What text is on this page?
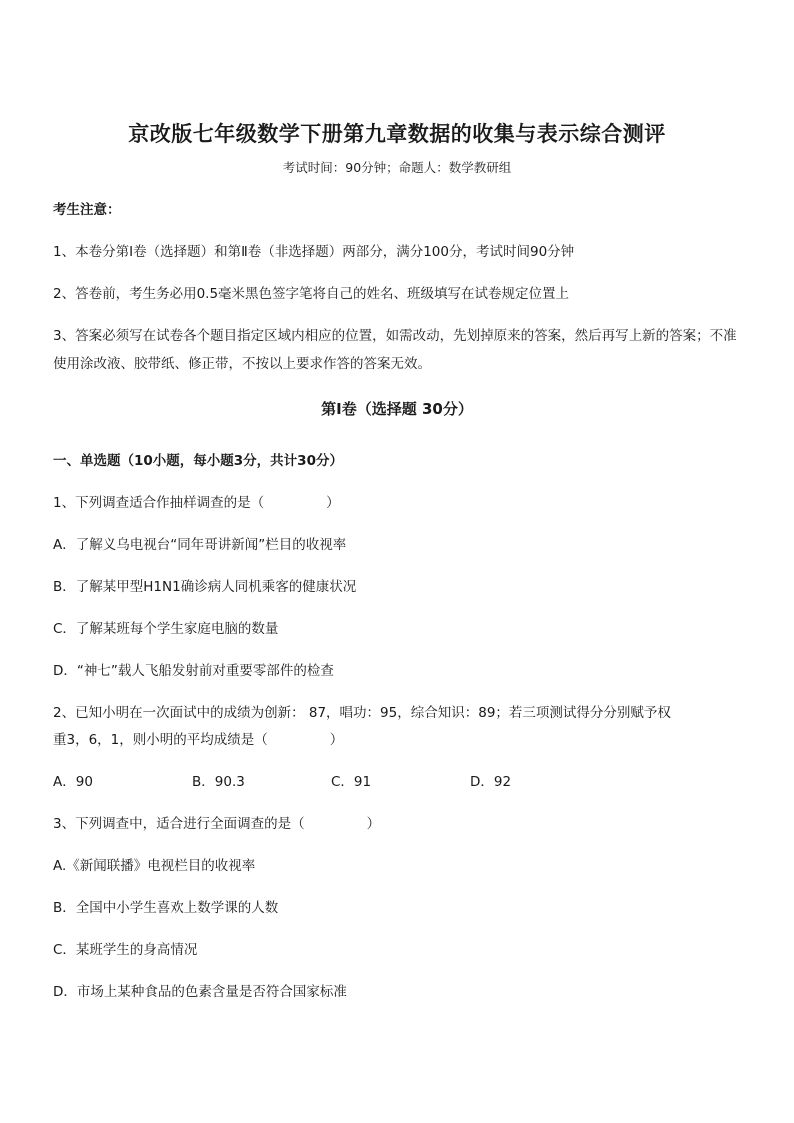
京改版七年级数学下册第九章数据的收集与表示综合测评
考试时间：90分钟；命题人：数学教研组
考生注意：
1、本卷分第Ⅰ卷（选择题）和第Ⅱ卷（非选择题）两部分，满分100分，考试时间90分钟
2、答卷前，考生务必用0.5毫米黑色签字笔将自己的姓名、班级填写在试卷规定位置上
3、答案必须写在试卷各个题目指定区域内相应的位置，如需改动，先划掉原来的答案，然后再写上新的答案；不准使用涂改液、胶带纸、修正带，不按以上要求作答的答案无效。
第Ⅰ卷（选择题 30分）
一、单选题（10小题，每小题3分，共计30分）
1、下列调查适合作抽样调查的是（	）
A．了解义乌电视台“同年哥讲新闻”栏目的收视率
B．了解某甲型H1N1确诊病人同机乘客的健康状况
C．了解某班每个学生家庭电脑的数量
D．“神七”载人飞船发射前对重要零部件的检查
2、已知小明在一次面试中的成绩为创新： 87，唱功：95，综合知识：89；若三项测试得分分别赋予权
重3，6，1，则小明的平均成绩是（	）
A．90	B．90.3	C．91	D．92
3、下列调查中，适合进行全面调查的是（	）
A.《新闻联播》电视栏目的收视率
B．全国中小学生喜欢上数学课的人数
C．某班学生的身高情况
D．市场上某种食品的色素含量是否符合国家标准
